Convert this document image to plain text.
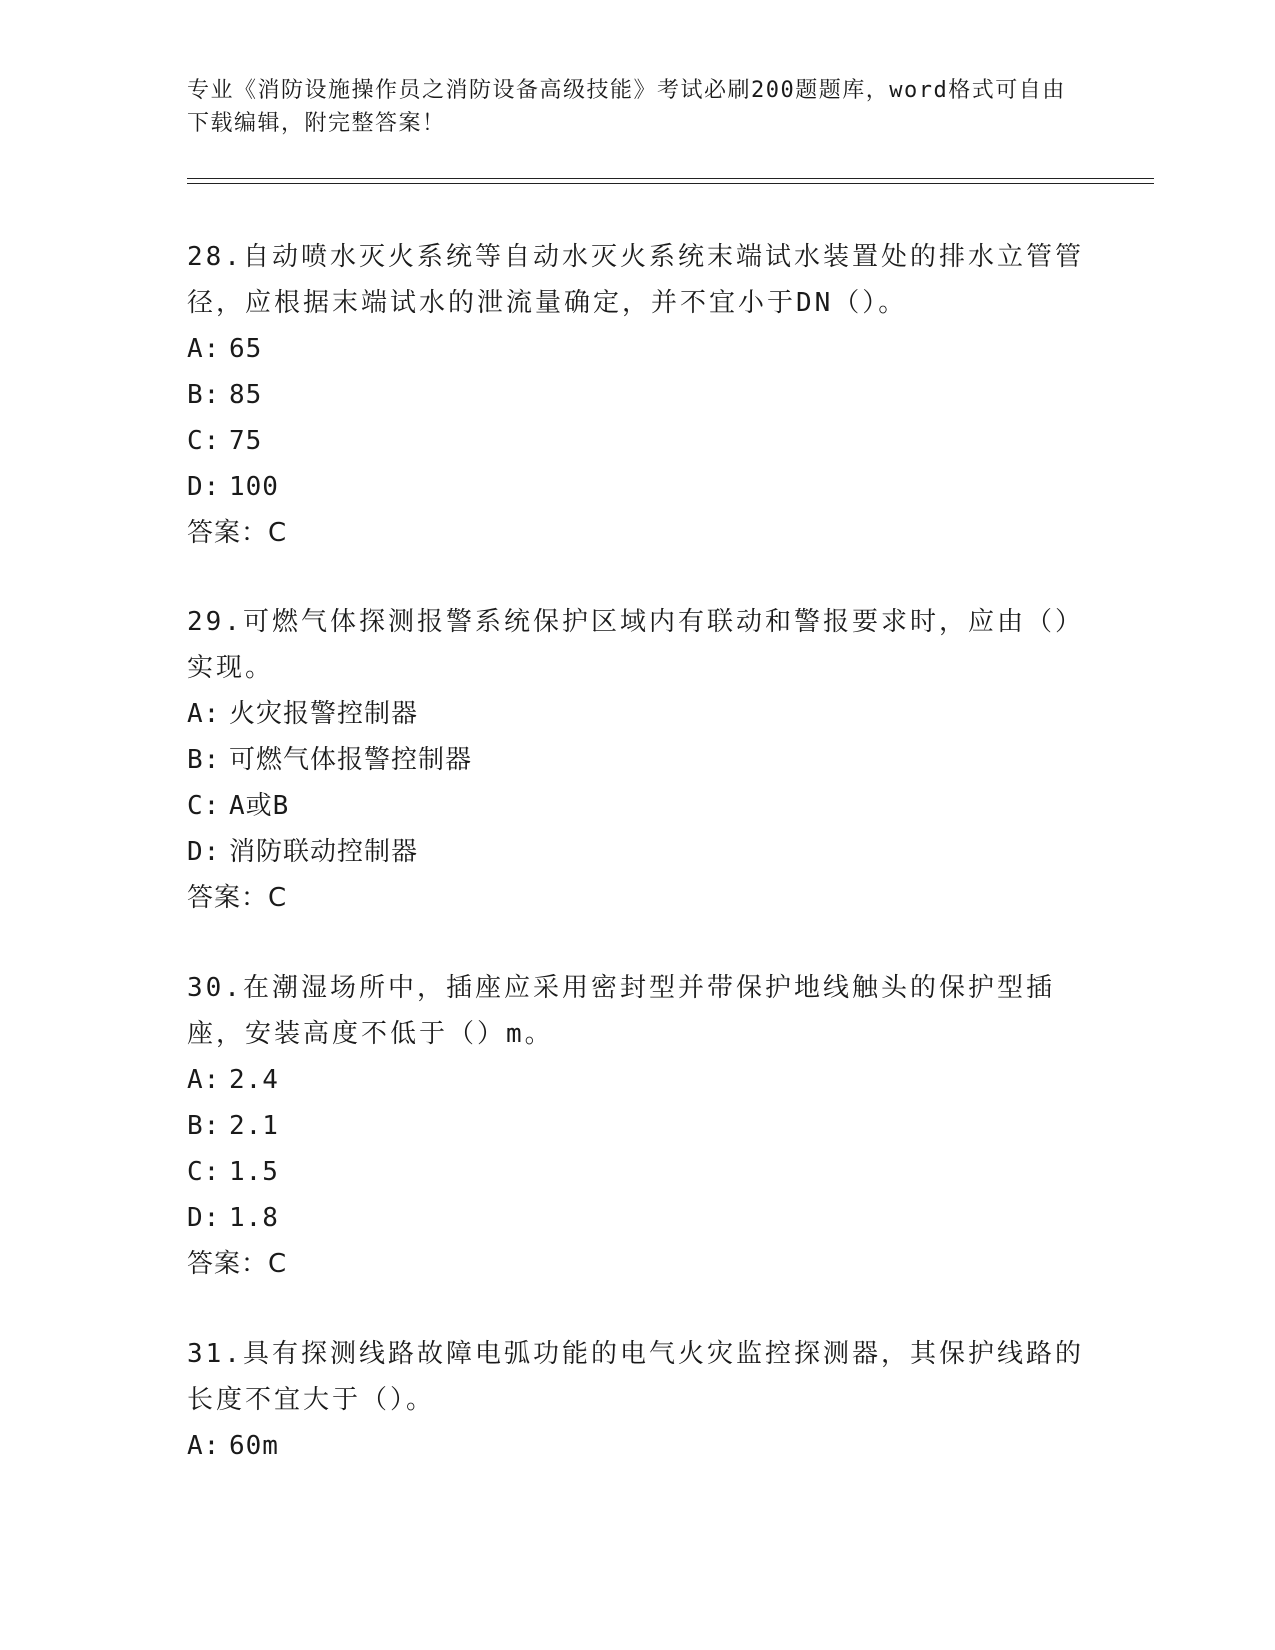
专业《消防设施操作员之消防设备高级技能》考试必刷200题题库，word格式可自由下载编辑，附完整答案！

28.自动喷水灭火系统等自动水灭火系统末端试水装置处的排水立管管径，应根据末端试水的泄流量确定，并不宜小于DN（）。

A: 65

B: 85

C: 75

D: 100

答案：C

29.可燃气体探测报警系统保护区域内有联动和警报要求时，应由（）实现。

A: 火灾报警控制器

B: 可燃气体报警控制器

C: A或B

D: 消防联动控制器

答案：C

30.在潮湿场所中，插座应采用密封型并带保护地线触头的保护型插座，安装高度不低于（）m。

A: 2.4

B: 2.1

C: 1.5

D: 1.8

答案：C

31.具有探测线路故障电弧功能的电气火灾监控探测器，其保护线路的长度不宜大于（）。

A: 60m
